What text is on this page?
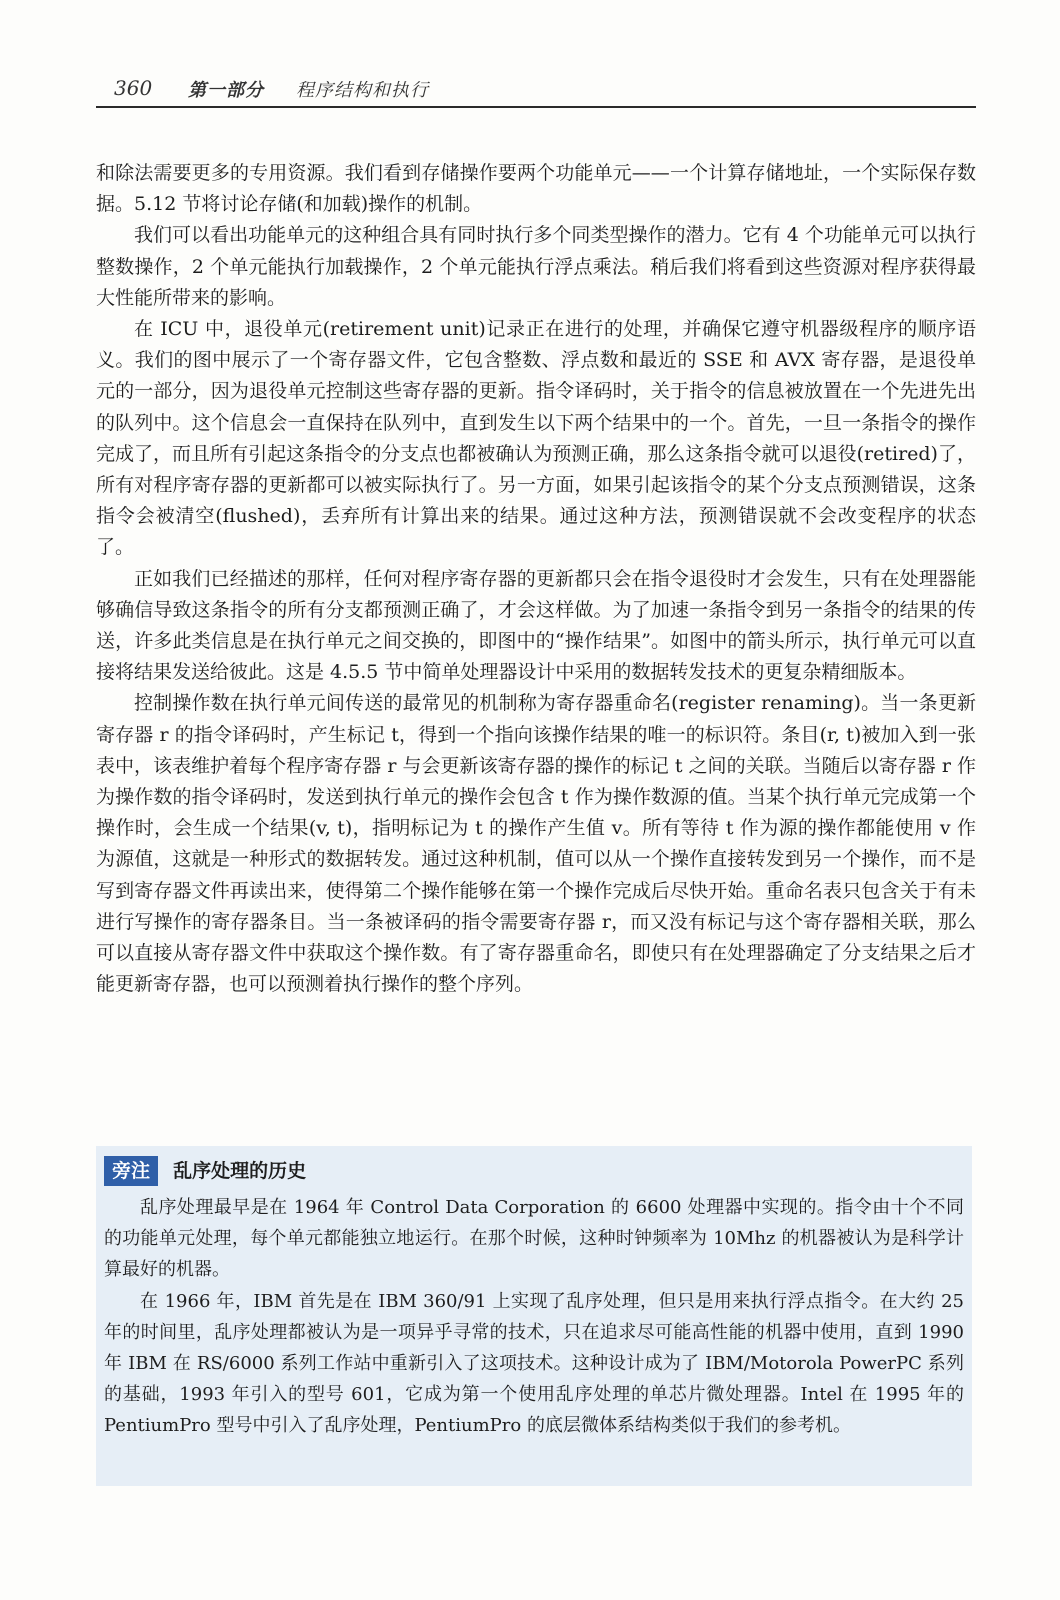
360 第一部分 程序结构和执行

和除法需要更多的专用资源。我们看到存储操作要两个功能单元——一个计算存储地址，一个实际保存数据。5.12 节将讨论存储(和加载)操作的机制。

我们可以看出功能单元的这种组合具有同时执行多个同类型操作的潜力。它有 4 个功能单元可以执行整数操作，2 个单元能执行加载操作，2 个单元能执行浮点乘法。稍后我们将看到这些资源对程序获得最大性能所带来的影响。

在 ICU 中，退役单元(retirement unit)记录正在进行的处理，并确保它遵守机器级程序的顺序语义。我们的图中展示了一个寄存器文件，它包含整数、浮点数和最近的 SSE 和 AVX 寄存器，是退役单元的一部分，因为退役单元控制这些寄存器的更新。指令译码时，关于指令的信息被放置在一个先进先出的队列中。这个信息会一直保持在队列中，直到发生以下两个结果中的一个。首先，一旦一条指令的操作完成了，而且所有引起这条指令的分支点也都被确认为预测正确，那么这条指令就可以退役(retired)了，所有对程序寄存器的更新都可以被实际执行了。另一方面，如果引起该指令的某个分支点预测错误，这条指令会被清空(flushed)，丢弃所有计算出来的结果。通过这种方法，预测错误就不会改变程序的状态了。

正如我们已经描述的那样，任何对程序寄存器的更新都只会在指令退役时才会发生，只有在处理器能够确信导致这条指令的所有分支都预测正确了，才会这样做。为了加速一条指令到另一条指令的结果的传送，许多此类信息是在执行单元之间交换的，即图中的“操作结果”。如图中的箭头所示，执行单元可以直接将结果发送给彼此。这是 4.5.5 节中简单处理器设计中采用的数据转发技术的更复杂精细版本。

控制操作数在执行单元间传送的最常见的机制称为寄存器重命名(register renaming)。当一条更新寄存器 r 的指令译码时，产生标记 t，得到一个指向该操作结果的唯一的标识符。条目(r, t)被加入到一张表中，该表维护着每个程序寄存器 r 与会更新该寄存器的操作的标记 t 之间的关联。当随后以寄存器 r 作为操作数的指令译码时，发送到执行单元的操作会包含 t 作为操作数源的值。当某个执行单元完成第一个操作时，会生成一个结果(v, t)，指明标记为 t 的操作产生值 v。所有等待 t 作为源的操作都能使用 v 作为源值，这就是一种形式的数据转发。通过这种机制，值可以从一个操作直接转发到另一个操作，而不是写到寄存器文件再读出来，使得第二个操作能够在第一个操作完成后尽快开始。重命名表只包含关于有未进行写操作的寄存器条目。当一条被译码的指令需要寄存器 r，而又没有标记与这个寄存器相关联，那么可以直接从寄存器文件中获取这个操作数。有了寄存器重命名，即使只有在处理器确定了分支结果之后才能更新寄存器，也可以预测着执行操作的整个序列。

旁注 乱序处理的历史

乱序处理最早是在 1964 年 Control Data Corporation 的 6600 处理器中实现的。指令由十个不同的功能单元处理，每个单元都能独立地运行。在那个时候，这种时钟频率为 10Mhz 的机器被认为是科学计算最好的机器。

在 1966 年，IBM 首先是在 IBM 360/91 上实现了乱序处理，但只是用来执行浮点指令。在大约 25 年的时间里，乱序处理都被认为是一项异乎寻常的技术，只在追求尽可能高性能的机器中使用，直到 1990 年 IBM 在 RS/6000 系列工作站中重新引入了这项技术。这种设计成为了 IBM/Motorola PowerPC 系列的基础，1993 年引入的型号 601，它成为第一个使用乱序处理的单芯片微处理器。Intel 在 1995 年的 PentiumPro 型号中引入了乱序处理，PentiumPro 的底层微体系结构类似于我们的参考机。
